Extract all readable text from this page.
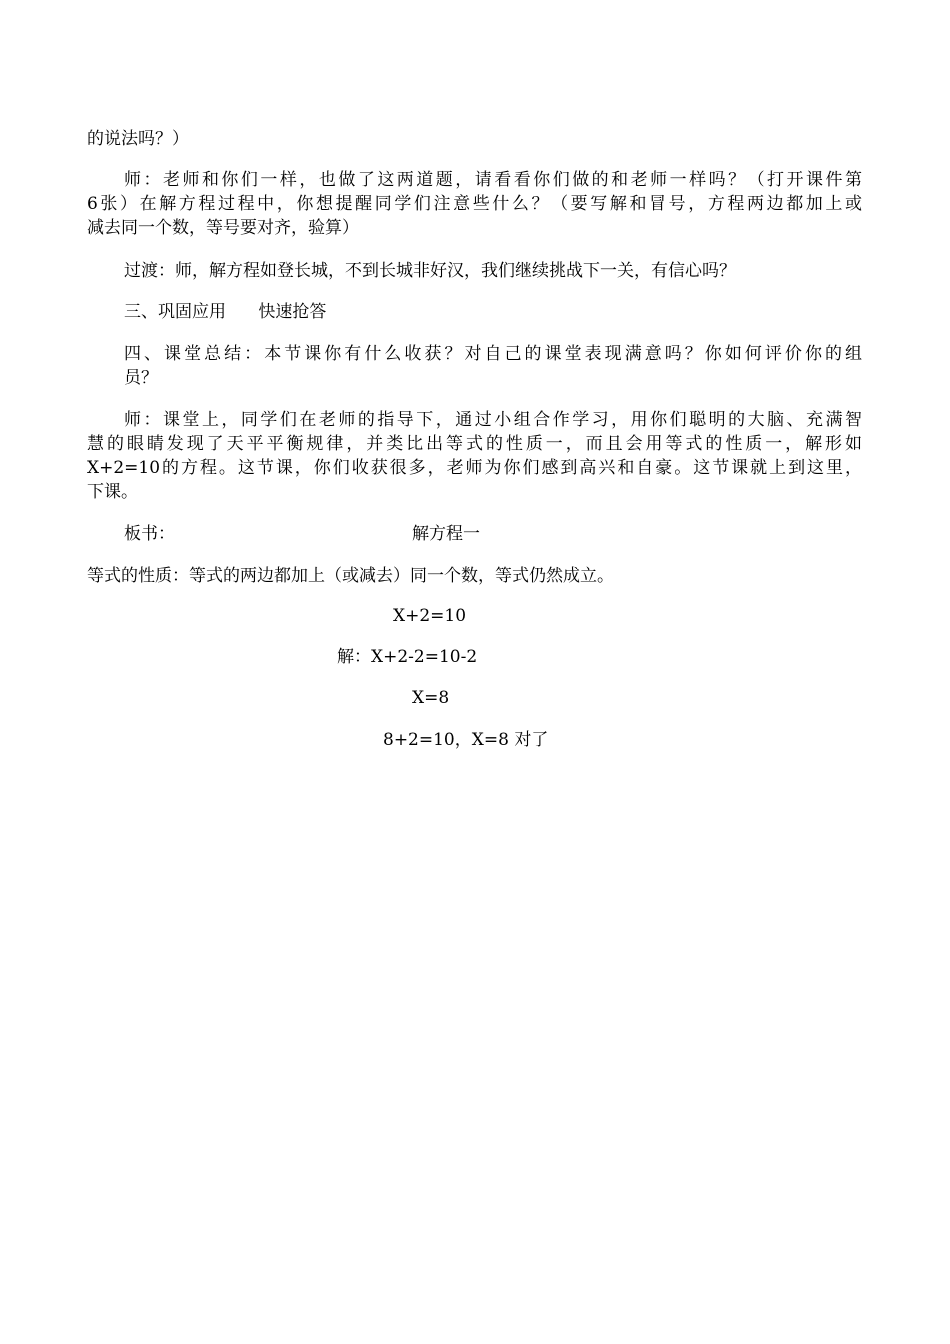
的说法吗？）

师：老师和你们一样，也做了这两道题，请看看你们做的和老师一样吗？（打开课件第

6张）在解方程过程中，你想提醒同学们注意些什么？（要写解和冒号，方程两边都加上或

减去同一个数，等号要对齐，验算）

过渡：师，解方程如登长城，不到长城非好汉，我们继续挑战下一关，有信心吗？

三、巩固应用      快速抢答

四、课堂总结：本节课你有什么收获？对自己的课堂表现满意吗？你如何评价你的组

员？

师：课堂上，同学们在老师的指导下，通过小组合作学习，用你们聪明的大脑、充满智

慧的眼睛发现了天平平衡规律，并类比出等式的性质一，而且会用等式的性质一，解形如

X+2=10的方程。这节课，你们收获很多，老师为你们感到高兴和自豪。这节课就上到这里，

下课。

板书：	解方程一

等式的性质：等式的两边都加上（或减去）同一个数，等式仍然成立。

X+2=10

解：X+2-2=10-2

X=8

8+2=10，X=8 对了
